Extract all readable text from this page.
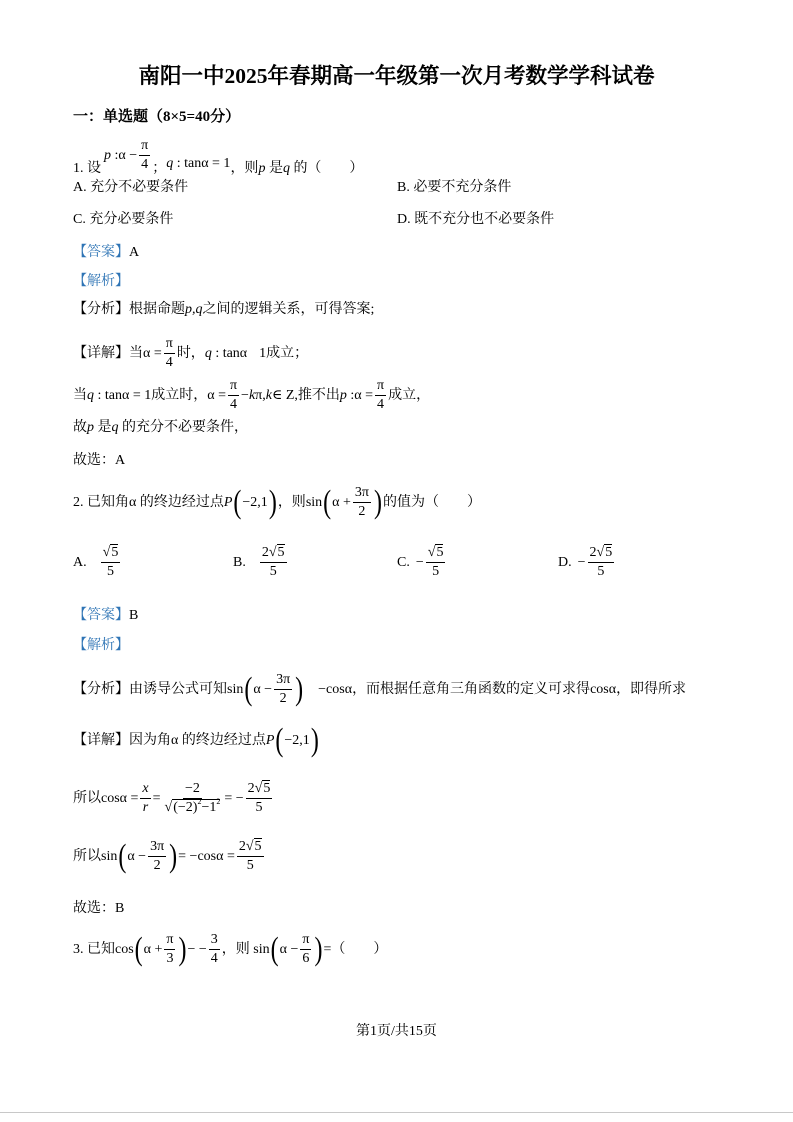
南阳一中2025年春期高一年级第一次月考数学学科试卷
一：单选题（8×5=40分）
1. 设p :α − $\frac{\pi}{4}$ ；q : tanα = 1，则p 是q 的（　　）
A. 充分不必要条件	B. 必要不充分条件
C. 充分必要条件	D. 既不充分也不必要条件
【答案】A
【解析】
【分析】根据命题p,q之间的逻辑关系，可得答案;
【详解】当$\alpha = \frac{\pi}{4}$ 时，q : tanα 1成立；
当q : tanα = 1成立时，$\alpha = \frac{\pi}{4}$ −kπ,k∈ Z,推不出p :α = $\frac{\pi}{4}$ 成立，
故p 是q 的充分不必要条件，
故选：A
2. 已知角α 的终边经过点P(−2,1)，则$\sin(\alpha + \frac{3\pi}{2}$ )的值为（　　）
A. $\frac{√5}{5}$	B. $\frac{2√5}{5}$	C. − $\frac{√5}{5}$	D. − $\frac{2√5}{5}$
【答案】B
【解析】
【分析】由诱导公式可知$\sin(\alpha - \frac{3\pi}{2}$ ) −cosα，而根据任意角三角函数的定义可求得cosα，即得所求
【详解】因为角α 的终边经过点P(−2,1)
所以$\cos\alpha = \frac{x}{r} = \frac{-2}{√(-2)^2-1^2}$ = − $\frac{2√5}{5}$
所以$\sin(\alpha - \frac{3\pi}{2}$ )= $-\cos\alpha = \frac{2√5}{5}$
故选：B
3. 已知$\cos(\alpha + \frac{\pi}{3}$ )− − $\frac{3}{4}$ ，则 $\sin(\alpha - \frac{\pi}{6}$ )=（　　）
第1页/共15页
